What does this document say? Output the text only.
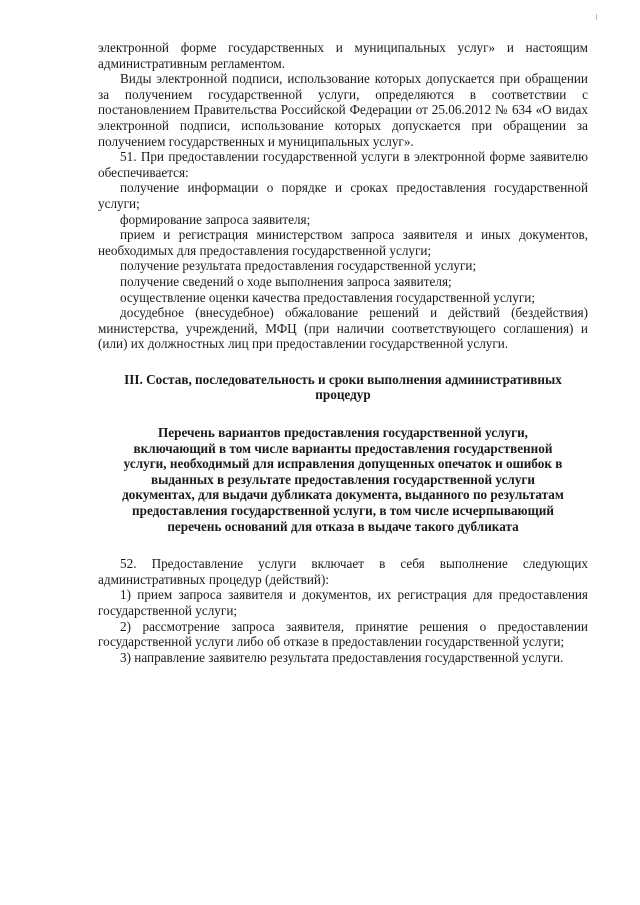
электронной форме государственных и муниципальных услуг» и настоящим административным регламентом.

Виды электронной подписи, использование которых допускается при обращении за получением государственной услуги, определяются в соответствии с постановлением Правительства Российской Федерации от 25.06.2012 № 634 «О видах электронной подписи, использование которых допускается при обращении за получением государственных и муниципальных услуг».

51. При предоставлении государственной услуги в электронной форме заявителю обеспечивается:

получение информации о порядке и сроках предоставления государственной услуги;

формирование запроса заявителя;

прием и регистрация министерством запроса заявителя и иных документов, необходимых для предоставления государственной услуги;

получение результата предоставления государственной услуги;

получение сведений о ходе выполнения запроса заявителя;

осуществление оценки качества предоставления государственной услуги;

досудебное (внесудебное) обжалование решений и действий (бездействия) министерства, учреждений, МФЦ (при наличии соответствующего соглашения) и (или) их должностных лиц при предоставлении государственной услуги.

III. Состав, последовательность и сроки выполнения административных процедур

Перечень вариантов предоставления государственной услуги, включающий в том числе варианты предоставления государственной услуги, необходимый для исправления допущенных опечаток и ошибок в выданных в результате предоставления государственной услуги документах, для выдачи дубликата документа, выданного по результатам предоставления государственной услуги, в том числе исчерпывающий перечень оснований для отказа в выдаче такого дубликата

52. Предоставление услуги включает в себя выполнение следующих административных процедур (действий):

1) прием запроса заявителя и документов, их регистрация для предоставления государственной услуги;

2) рассмотрение запроса заявителя, принятие решения о предоставлении государственной услуги либо об отказе в предоставлении государственной услуги;

3) направление заявителю результата предоставления государственной услуги.
